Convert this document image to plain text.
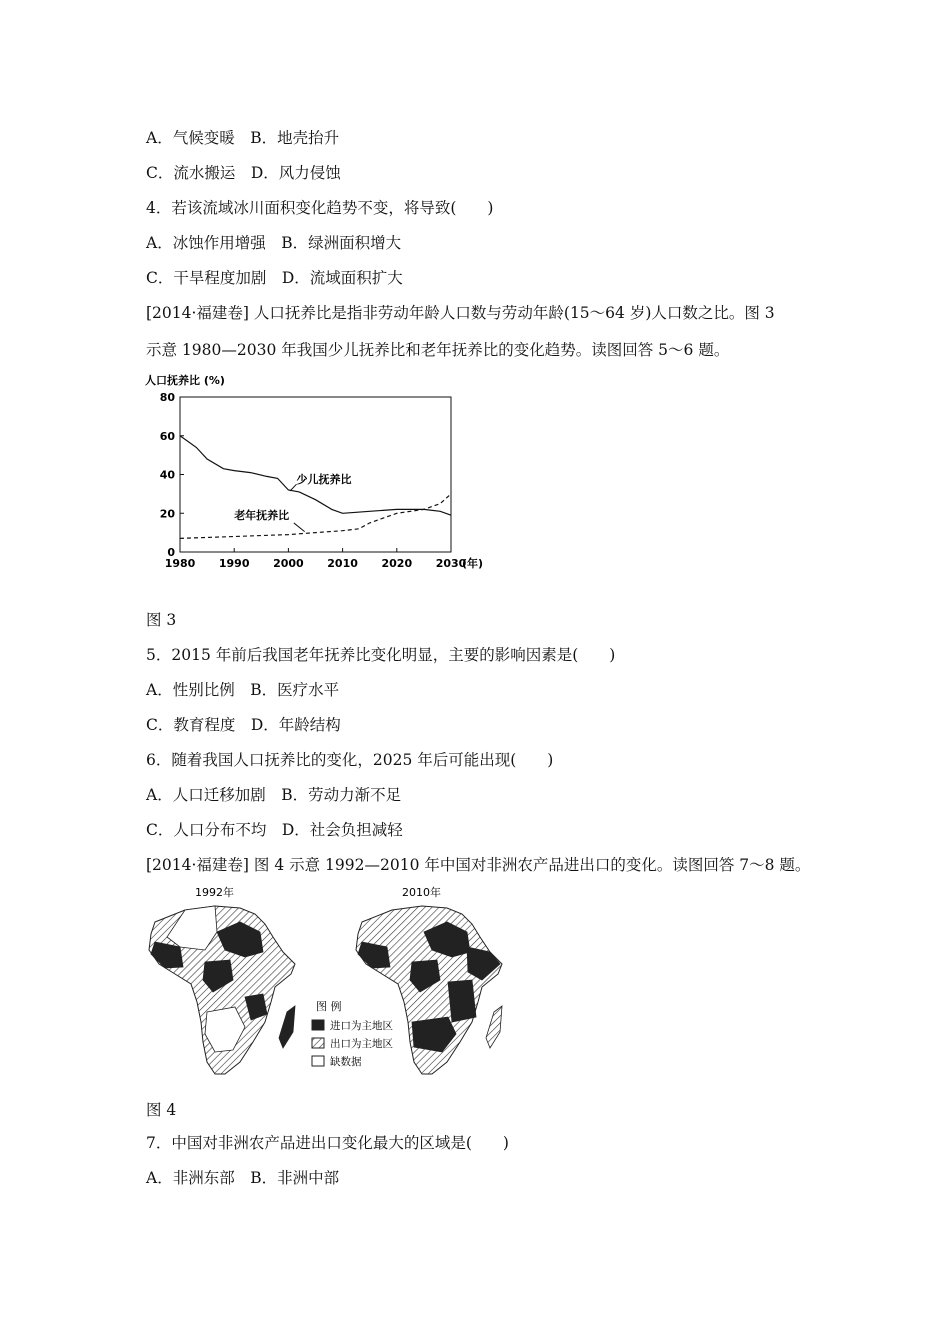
A．气候变暖　B．地壳抬升
C．流水搬运　D．风力侵蚀
4．若该流域冰川面积变化趋势不变，将导致(　　)
A．冰蚀作用增强　B．绿洲面积增大
C．干旱程度加剧　D．流域面积扩大
[2014·福建卷] 人口抚养比是指非劳动年龄人口数与劳动年龄(15～64 岁)人口数之比。图 3
示意 1980—2030 年我国少儿抚养比和老年抚养比的变化趋势。读图回答 5～6 题。
人口抚养比 (%)
0
20
40
60
80
1980 1990 2000 2010 2020 2030
(年)
少儿抚养比
老年抚养比
图 3
5．2015 年前后我国老年抚养比变化明显，主要的影响因素是(　　)
A．性别比例　B．医疗水平
C．教育程度　D．年龄结构
6．随着我国人口抚养比的变化，2025 年后可能出现(　　)
A．人口迁移加剧　B．劳动力渐不足
C．人口分布不均　D．社会负担减轻
[2014·福建卷] 图 4 示意 1992—2010 年中国对非洲农产品进出口的变化。读图回答 7～8 题。
1992年	2010年
图 例
进口为主地区
出口为主地区
缺数据
图 4
7．中国对非洲农产品进出口变化最大的区域是(　　)
A．非洲东部　B．非洲中部
